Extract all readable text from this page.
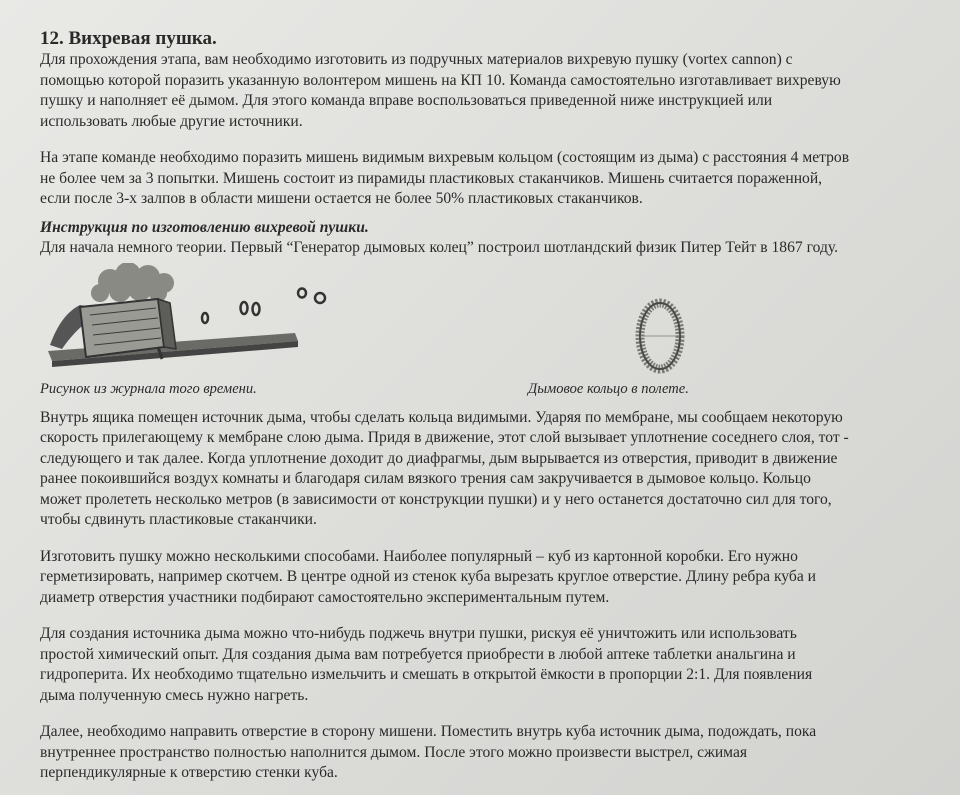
12. Вихревая пушка.

Для прохождения этапа, вам необходимо изготовить из подручных материалов вихревую пушку (vortex cannon) с

помощью которой поразить указанную волонтером мишень на КП 10. Команда самостоятельно изготавливает вихревую

пушку и наполняет её дымом. Для этого команда вправе воспользоваться приведенной ниже инструкцией или

использовать любые другие источники.

На этапе команде необходимо поразить мишень видимым вихревым кольцом (состоящим из дыма) с расстояния 4 метров

не более чем за 3 попытки. Мишень состоит из пирамиды пластиковых стаканчиков. Мишень считается пораженной,

если после 3-х залпов в области мишени остается не более 50% пластиковых стаканчиков.

Инструкция по изготовлению вихревой пушки.

Для начала немного теории. Первый “Генератор дымовых колец” построил шотландский физик Питер Тейт в 1867 году.

Рисунок из журнала того времени.	Дымовое кольцо в полете.

Внутрь ящика помещен источник дыма, чтобы сделать кольца видимыми. Ударяя по мембране, мы сообщаем некоторую

скорость прилегающему к мембране слою дыма. Придя в движение, этот слой вызывает уплотнение соседнего слоя, тот -

следующего и так далее. Когда уплотнение доходит до диафрагмы, дым вырывается из отверстия, приводит в движение

ранее покоившийся воздух комнаты и благодаря силам вязкого трения сам закручивается в дымовое кольцо. Кольцо

может пролететь несколько метров (в зависимости от конструкции пушки) и у него останется достаточно сил для того,

чтобы сдвинуть пластиковые стаканчики.

Изготовить пушку можно несколькими способами. Наиболее популярный – куб из картонной коробки. Его нужно

герметизировать, например скотчем. В центре одной из стенок куба вырезать круглое отверстие. Длину ребра куба и

диаметр отверстия участники подбирают самостоятельно экспериментальным путем.

Для создания источника дыма можно что-нибудь поджечь внутри пушки, рискуя её уничтожить или использовать

простой химический опыт. Для создания дыма вам потребуется приобрести в любой аптеке таблетки анальгина и

гидроперита. Их необходимо тщательно измельчить и смешать в открытой ёмкости в пропорции 2:1. Для появления

дыма полученную смесь нужно нагреть.

Далее, необходимо направить отверстие в сторону мишени. Поместить внутрь куба источник дыма, подождать, пока

внутреннее пространство полностью наполнится дымом. После этого можно произвести выстрел, сжимая

перпендикулярные к отверстию стенки куба.
